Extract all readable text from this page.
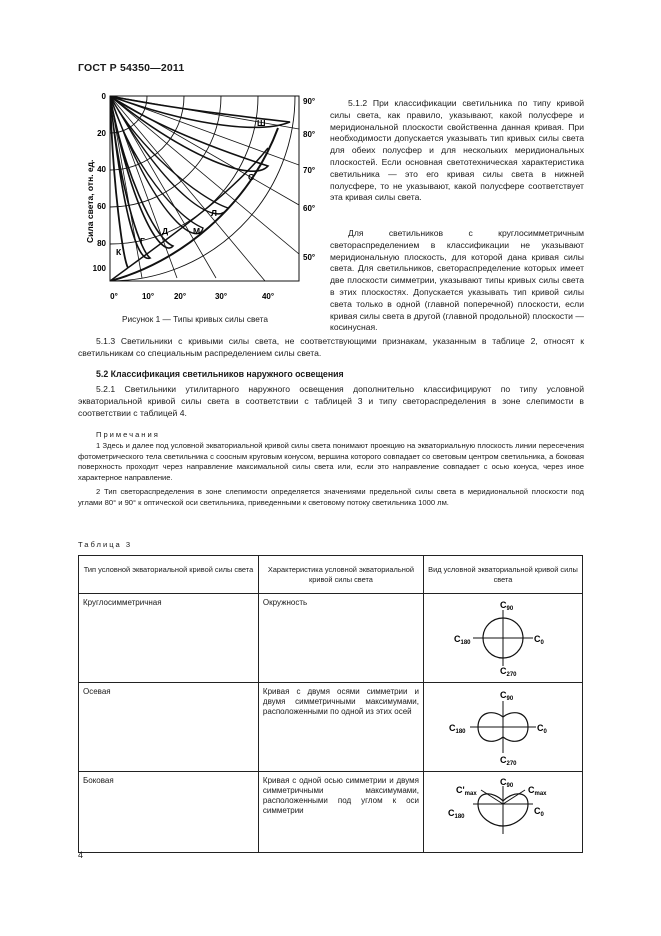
ГОСТ Р 54350—2011
Сила света, отн. ед.
0
20
40
60
80
100
0°	10° 20°	30°	40°
90°
80°
70°
60°
50°
Ш
С
Л
М
Д
Г
К
Рисунок 1 — Типы кривых силы света
5.1.2 При классификации светильника по типу кривой силы света, как правило, указывают, какой полусфере и меридиональной плоскости свойственна данная кривая. При необходимости допускается указывать тип кривых силы света для обеих полусфер и для нескольких меридиональных плоскостей. Если основная светотехническая характеристика светильника — это его кривая силы света в нижней полусфере, то не указывают, какой полусфере соответствует эта кривая силы света.
Для светильников с круглосимметричным светораспределением в классификации не указывают меридиональную плоскость, для которой дана кривая силы света. Для светильников, светораспределение которых имеет две плоскости симметрии, указывают типы кривых силы света в этих плоскостях. Допускается указывать тип кривой силы света только в одной (главной поперечной) плоскости, если кривая силы света в другой (главной продольной) плоскости — косинусная.
5.1.3 Светильники с кривыми силы света, не соответствующими признакам, указанным в таблице 2, относят к светильникам со специальным распределением силы света.
5.2 Классификация светильников наружного освещения
5.2.1 Светильники утилитарного наружного освещения дополнительно классифицируют по типу условной экваториальной кривой силы света в соответствии с таблицей 3 и типу светораспределения в зоне слепимости в соответствии с таблицей 4.
Примечания
1 Здесь и далее под условной экваториальной кривой силы света понимают проекцию на экваториальную плоскость линии пересечения фотометрического тела светильника с соосным круговым конусом, вершина которого совпадает со световым центром светильника, а боковая поверхность проходит через направление максимальной силы света или, если это направление совпадает с осью конуса, через иное характерное направление.
2 Тип светораспределения в зоне слепимости определяется значениями предельной силы света в меридиональной плоскости под углами 80° и 90° к оптической оси светильника, приведенными к световому потоку светильника 1000 лм.
Таблица 3
Тип условной экваториальной кривой силы света	Характеристика условной экваториальной кривой силы света	Вид условной экваториальной кривой силы света
Круглосимметричная	Окружность	$C_{90}$
$C_0$
$C_{180}$
$C_{270}$

Осевая	Кривая с двумя осями симметрии и двумя симметричными максимумами, расположенными по одной из этих осей	$C_{90}$
$C_0$
$C_{180}$
$C_{270}$

Боковая	Кривая с одной осью симметрии и двумя симметричными максимумами, расположенными под углом к оси симметрии	$C_{90}$
$C'_{max}$ $C_{max}$
$C_0$
$C_{180}$
4
